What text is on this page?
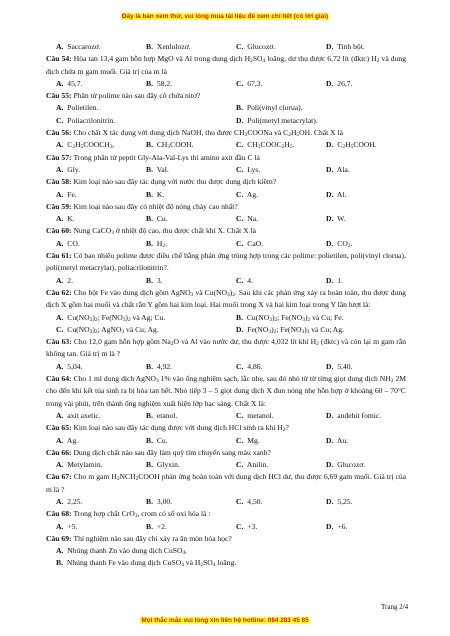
Đây là bản xem thử, vui lòng mua tài liệu để xem chi tiết (có lời giải)
A. Saccarozơ.	B. Xenlulozơ.	C. Glucozơ.	D. Tinh bột.
Câu 54: Hòa tan 13,4 gam hỗn hợp MgO và Al trong dung dịch $H_2SO_4$ loãng, dư thu được 6,72 lít (đktc) $H_2$ và dung dịch chứa m gam muối. Giá trị của m là
A. 45,7.	B. 58,2.	C. 67,3.	D. 26,7.
Câu 55: Phân tử polime nào sau đây có chứa nitơ?
A. Polietilen.	B. Poli(vinyl clorua).
C. Poliacrilonitrin.	D. Poli(metyl metacrylat).
Câu 56: Cho chất X tác dụng với dung dịch NaOH, thu được $CH_3COONa$ và $C_2H_5OH$. Chất X là
A. $C_2H_5COOCH_3$.	B. $CH_3COOH$.	C. $CH_3COOC_2H_5$.	D. $C_2H_5COOH$.
Câu 57: Trong phân tử peptit Gly-Ala-Val-Lys thì amino axit đầu C là
A. Gly.	B. Val.	C. Lys.	D. Ala.
Câu 58: Kim loại nào sau đây tác dụng với nước thu được dung dịch kiềm?
A. Fe.	B. K.	C. Ag.	D. Al.
Câu 59: Kim loại nào sau đây có nhiệt độ nóng chảy cao nhất?
A. K.	B. Cu.	C. Na.	D. W.
Câu 60: Nung CaCO$_3$ ở nhiệt độ cao, thu được chất khí X. Chất X là
A. CO.	B. $H_2$.	C. CaO.	D. $CO_2$.
Câu 61: Có bao nhiêu polime được điều chế bằng phản ứng trùng hợp trong các polime: polietilen, poli(vinyl clorua), poli(metyl metacrylat), poliacrilonitrin?.
A. 2.	B. 3.	C. 4.	D. 1.
Câu 62: Cho bột Fe vào dung dịch gồm AgNO$_3$ và $Cu(NO_3)_2$. Sau khi các phản ứng xảy ra hoàn toàn, thu được dung dịch X gồm hai muối và chất rắn Y gồm hai kim loại. Hai muối trong X và hai kim loại trong Y lần lượt là:
A. $Cu(NO_3)_2$; $Fe(NO_3)_2$ và Ag; Cu.	B. $Cu(NO_3)_2$; $Fe(NO_3)_2$ và Cu; Fe.
C. $Cu(NO_3)_2$; AgNO$_3$ và Cu; Ag.	D. $Fe(NO_3)_2$; $Fe(NO_3)_3$ và Cu; Ag.
Câu 63: Cho 12,0 gam hỗn hợp gồm $Na_2O$ và Al vào nước dư, thu được 4,032 lít khí $H_2$ (đktc) và còn lại m gam rắn không tan. Giá trị m là ?
A. 5,04.	B. 4,92.	C. 4,86.	D. 5,40.
Câu 64: Cho 1 ml dung dịch AgNO$_3$ 1% vào ống nghiệm sạch, lắc nhẹ, sau đó nhỏ từ từ từng giọt dung dịch $NH_3$ 2M cho đến khi kết tủa sinh ra bị hòa tan hết. Nhỏ tiếp 3 – 5 giọt dung dịch X đun nóng nhẹ hỗn hợp ở khoảng 60 – 70°C trong vài phút, trên thành ống nghiệm xuất hiện lớp bạc sáng. Chất X là:
A. axit axetic.	B. etanol.	C. metanol.	D. anđehit fomic.
Câu 65: Kim loại nào sau đây tác dụng được với dung dịch HCl sinh ra khí $H_2$?
A. Ag.	B. Cu.	C. Mg.	D. Au.
Câu 66: Dung dịch chất nào sau đây làm quỳ tím chuyển sang màu xanh?
A. Metylamin.	B. Glyxin.	C. Anilin.	D. Glucozơ.
Câu 67: Cho m gam $H_2NCH_2COOH$ phản ứng hoàn toàn với dung dịch HCl dư, thu được 6,69 gam muối. Giá trị của m là ?
A. 2,25.	B. 3,00.	C. 4,50.	D. 5,25.
Câu 68: Trong hợp chất CrO$_3$, crom có số oxi hóa là :
A. +5.	B. +2.	C. +3.	D. +6.
Câu 69: Thí nghiệm nào sau đây chỉ xảy ra ăn mòn hóa học?
A. Nhúng thanh Zn vào dung dịch CuSO$_4$.
B. Nhúng thanh Fe vào dung dịch CuSO$_4$ và $H_2SO_4$ loãng.
Trang 2/4
Mọi thắc mắc vui lòng xin liên hệ hotline: 084 283 45 85
